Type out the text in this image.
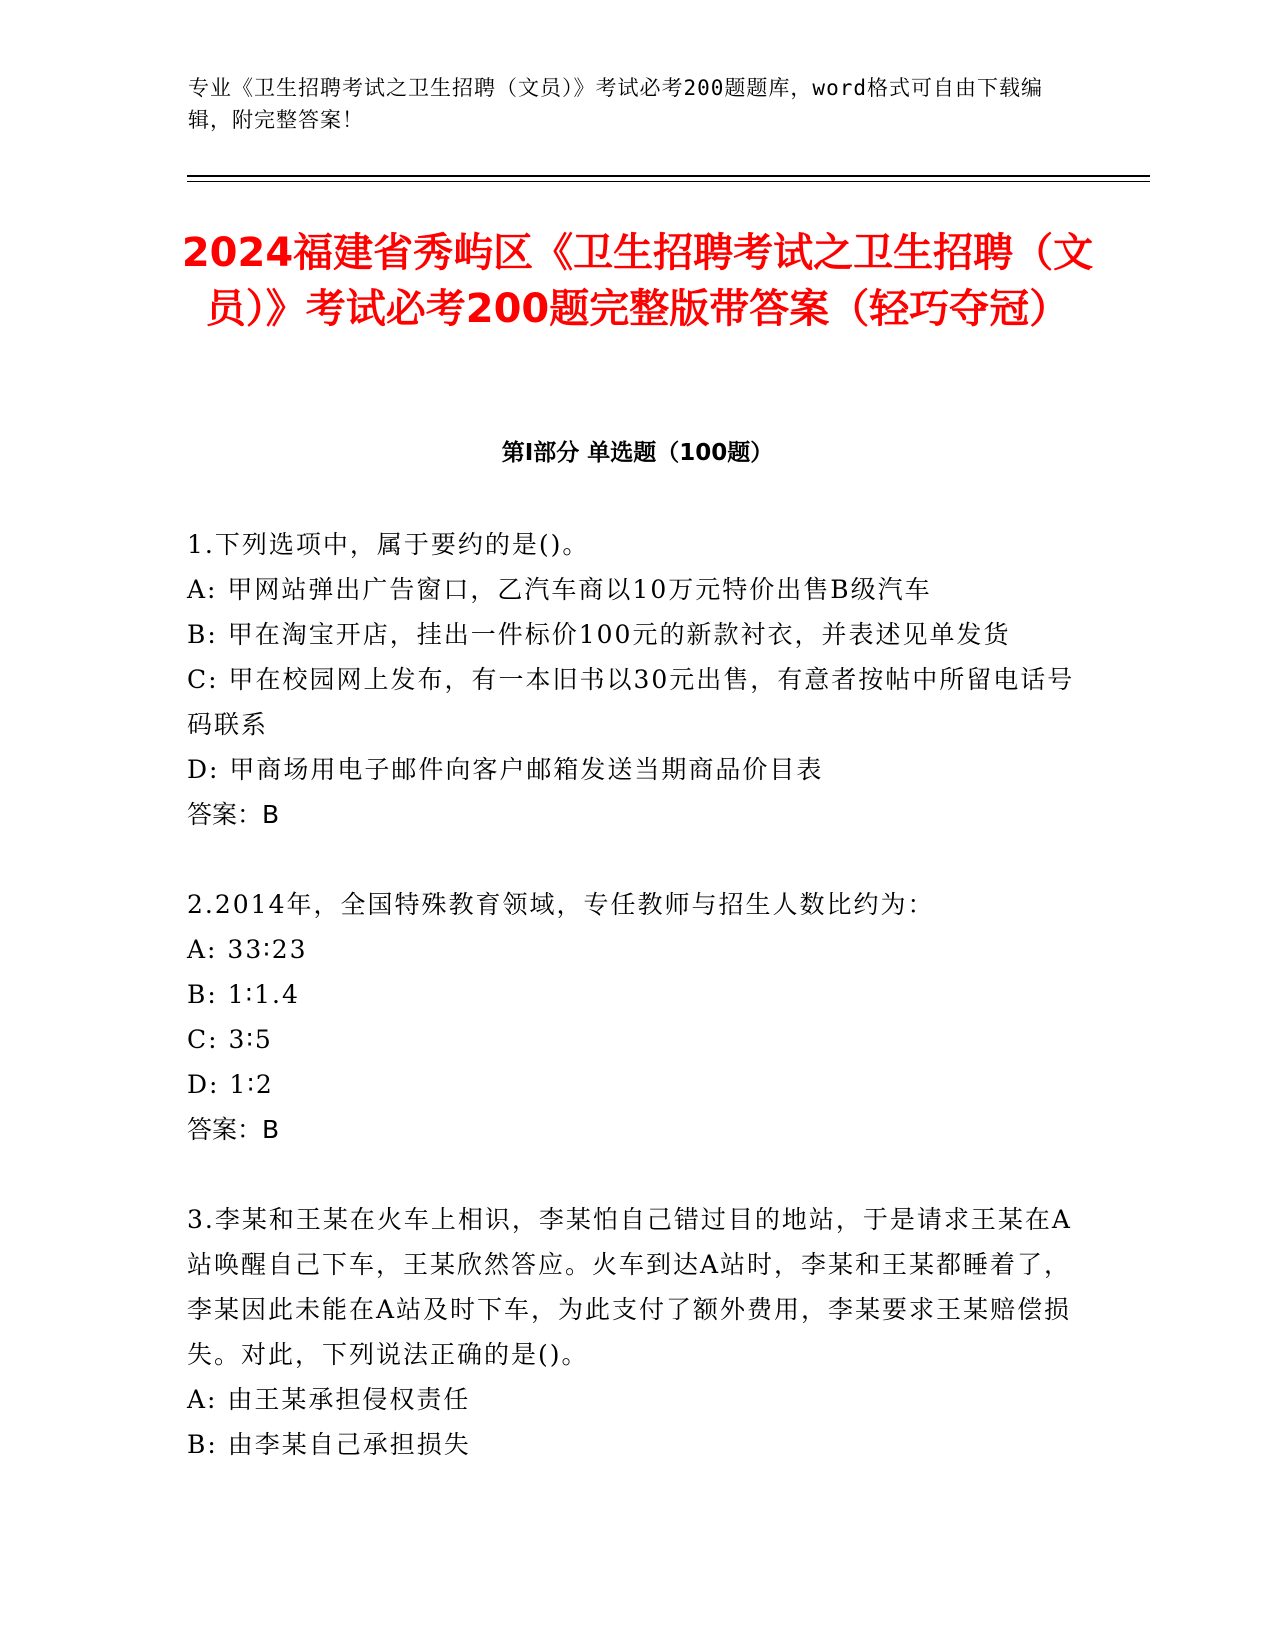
专业《卫生招聘考试之卫生招聘（文员）》考试必考200题题库，word格式可自由下载编辑，附完整答案！
2024福建省秀屿区《卫生招聘考试之卫生招聘（文员）》考试必考200题完整版带答案（轻巧夺冠）
第I部分 单选题（100题）

1.下列选项中，属于要约的是()。

A: 甲网站弹出广告窗口，乙汽车商以10万元特价出售B级汽车

B: 甲在淘宝开店，挂出一件标价100元的新款衬衣，并表述见单发货

C: 甲在校园网上发布，有一本旧书以30元出售，有意者按帖中所留电话号码联系

D: 甲商场用电子邮件向客户邮箱发送当期商品价目表

答案：B

2.2014年，全国特殊教育领域，专任教师与招生人数比约为：

A: 33∶23

B: 1∶1.4

C: 3∶5

D: 1∶2

答案：B

3.李某和王某在火车上相识，李某怕自己错过目的地站，于是请求王某在A站唤醒自己下车，王某欣然答应。火车到达A站时，李某和王某都睡着了，李某因此未能在A站及时下车，为此支付了额外费用，李某要求王某赔偿损失。对此，下列说法正确的是()。

A: 由王某承担侵权责任

B: 由李某自己承担损失
